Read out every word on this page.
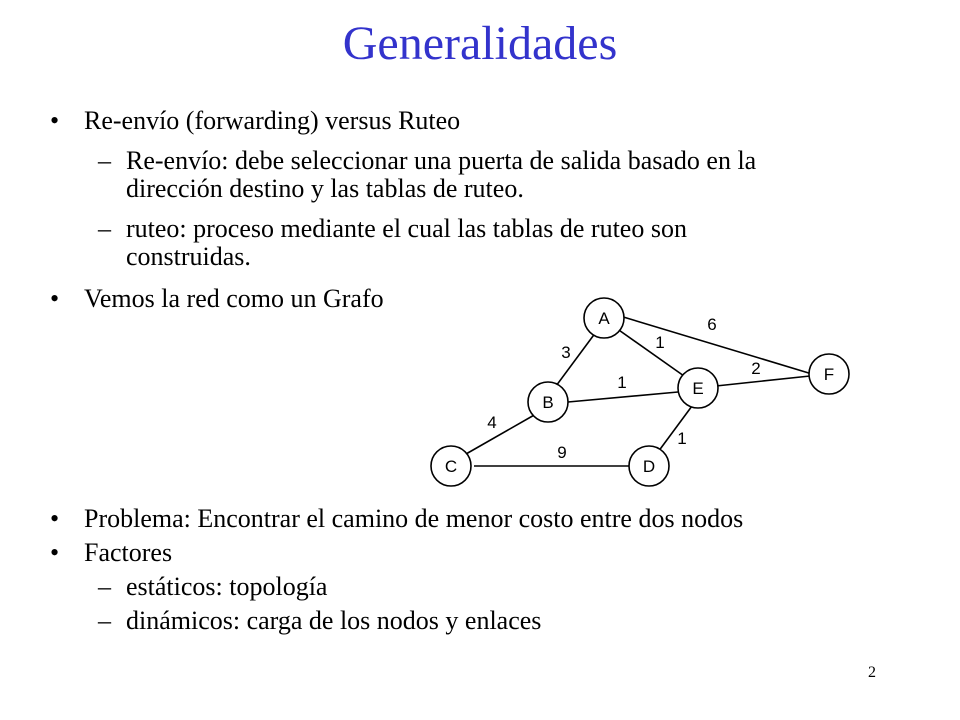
Generalidades
• Re-envío (forwarding) versus Ruteo
– Re-envío: debe seleccionar una puerta de salida basado en la
dirección destino y las tablas de ruteo.
– ruteo: proceso mediante el cual las tablas de ruteo son
construidas.
• Vemos la red como un Grafo
A
B
C	D
E
F
6
1
3
1
2
4
9
1
• Problema: Encontrar el camino de menor costo entre dos nodos
• Factores
– estáticos: topología
– dinámicos: carga de los nodos y enlaces
2
